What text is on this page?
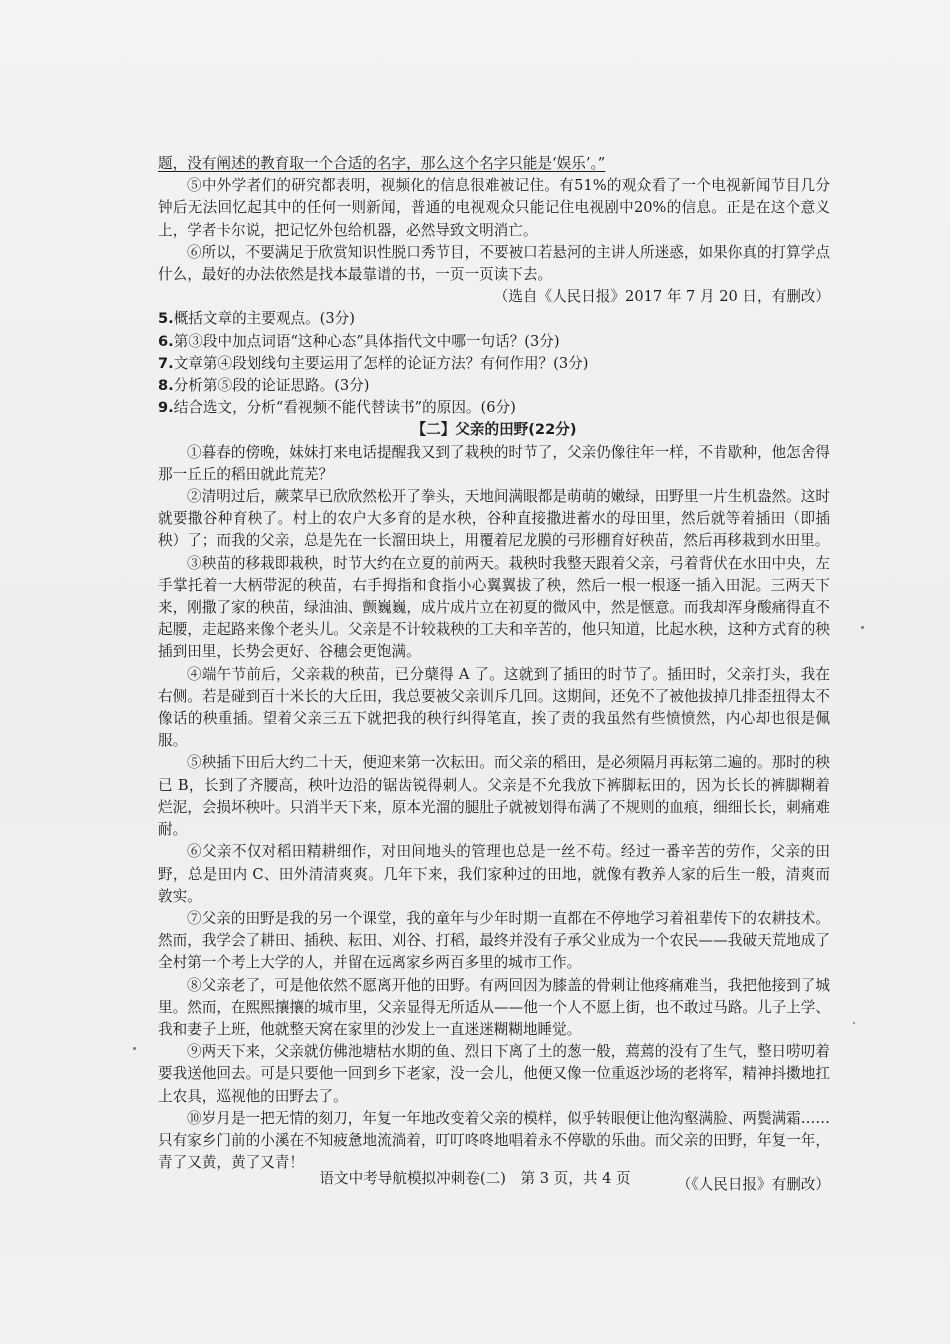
题，没有阐述的教育取一个合适的名字，那么这个名字只能是‘娱乐’。”

⑤中外学者们的研究都表明，视频化的信息很难被记住。有51%的观众看了一个电视新闻节目几分钟后无法回忆起其中的任何一则新闻，普通的电视观众只能记住电视剧中20%的信息。正是在这个意义上，学者卡尔说，把记忆外包给机器，必然导致文明消亡。

⑥所以，不要满足于欣赏知识性脱口秀节目，不要被口若悬河的主讲人所迷惑，如果你真的打算学点什么，最好的办法依然是找本最靠谱的书，一页一页读下去。

（选自《人民日报》2017 年 7 月 20 日，有删改）

5.概括文章的主要观点。(3分)

6.第③段中加点词语“这种心态”具体指代文中哪一句话？(3分)

7.文章第④段划线句主要运用了怎样的论证方法？有何作用？(3分)

8.分析第⑤段的论证思路。(3分)

9.结合选文，分析“看视频不能代替读书”的原因。(6分)

【二】父亲的田野(22分)

①暮春的傍晚，妹妹打来电话提醒我又到了栽秧的时节了，父亲仍像往年一样，不肯歇种，他怎舍得那一丘丘的稻田就此荒芜？

②清明过后，蕨菜早已欣欣然松开了拳头，天地间满眼都是萌萌的嫩绿，田野里一片生机盎然。这时就要撒谷种育秧了。村上的农户大多育的是水秧，谷种直接撒进蓄水的母田里，然后就等着插田（即插秧）了；而我的父亲，总是先在一长溜田块上，用覆着尼龙膜的弓形棚育好秧苗，然后再移栽到水田里。

③秧苗的移栽即栽秧，时节大约在立夏的前两天。栽秧时我整天跟着父亲，弓着背伏在水田中央，左手掌托着一大柄带泥的秧苗，右手拇指和食指小心翼翼拔了秧，然后一根一根逐一插入田泥。三两天下来，刚撒了家的秧苗，绿油油、颤巍巍，成片成片立在初夏的微风中，然是惬意。而我却浑身酸痛得直不起腰，走起路来像个老头儿。父亲是不计较栽秧的工夫和辛苦的，他只知道，比起水秧，这种方式育的秧插到田里，长势会更好、谷穗会更饱满。

④端午节前后，父亲栽的秧苗，已分蘖得 A 了。这就到了插田的时节了。插田时，父亲打头，我在右侧。若是碰到百十米长的大丘田，我总要被父亲训斥几回。这期间，还免不了被他拔掉几排歪扭得太不像话的秧重插。望着父亲三五下就把我的秧行纠得笔直，挨了责的我虽然有些愤愤然，内心却也很是佩服。

⑤秧插下田后大约二十天，便迎来第一次耘田。而父亲的稻田，是必须隔月再耘第二遍的。那时的秧已 B，长到了齐腰高，秧叶边沿的锯齿锐得刺人。父亲是不允我放下裤脚耘田的，因为长长的裤脚糊着烂泥，会损坏秧叶。只消半天下来，原本光溜的腿肚子就被划得布满了不规则的血痕，细细长长，刺痛难耐。

⑥父亲不仅对稻田精耕细作，对田间地头的管理也总是一丝不苟。经过一番辛苦的劳作，父亲的田野，总是田内 C、田外清清爽爽。几年下来，我们家种过的田地，就像有教养人家的后生一般，清爽而敦实。

⑦父亲的田野是我的另一个课堂，我的童年与少年时期一直都在不停地学习着祖辈传下的农耕技术。然而，我学会了耕田、插秧、耘田、刈谷、打稻，最终并没有子承父业成为一个农民——我破天荒地成了全村第一个考上大学的人，并留在远离家乡两百多里的城市工作。

⑧父亲老了，可是他依然不愿离开他的田野。有两回因为膝盖的骨刺让他疼痛难当，我把他接到了城里。然而，在熙熙攘攘的城市里，父亲显得无所适从——他一个人不愿上街，也不敢过马路。儿子上学、我和妻子上班，他就整天窝在家里的沙发上一直迷迷糊糊地睡觉。

⑨两天下来，父亲就仿佛池塘枯水期的鱼、烈日下离了土的葱一般，蔫蔫的没有了生气，整日唠叨着要我送他回去。可是只要他一回到乡下老家，没一会儿，他便又像一位重返沙场的老将军，精神抖擞地扛上农具，巡视他的田野去了。

⑩岁月是一把无情的刻刀，年复一年地改变着父亲的模样，似乎转眼便让他沟壑满脸、两鬓满霜……只有家乡门前的小溪在不知疲惫地流淌着，叮叮咚咚地唱着永不停歇的乐曲。而父亲的田野，年复一年，青了又黄，黄了又青！

（《人民日报》有删改）

语文中考导航模拟冲刺卷(二)　第 3 页，共 4 页
